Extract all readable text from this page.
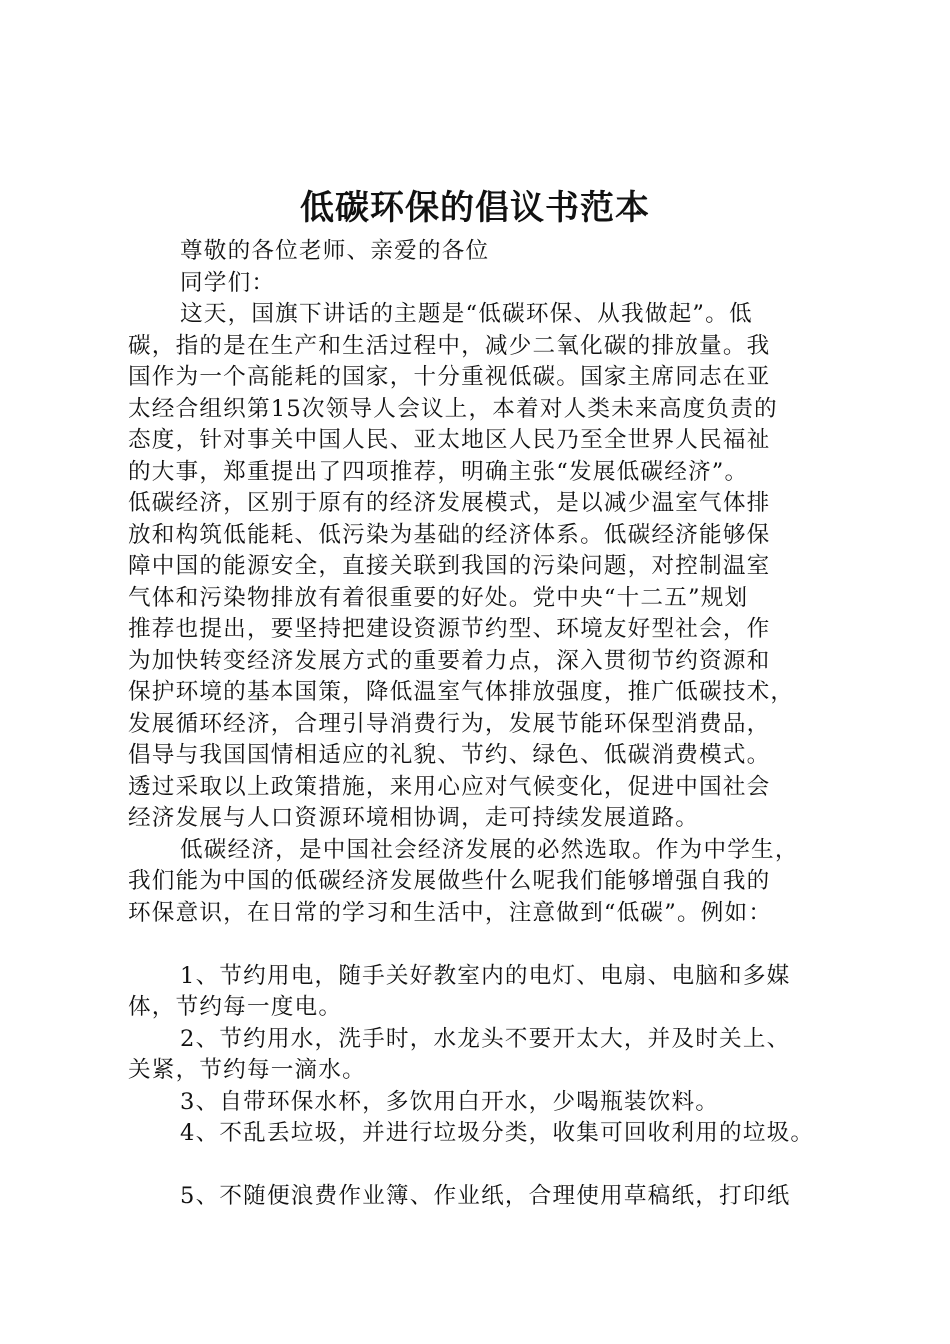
低碳环保的倡议书范本
尊敬的各位老师、亲爱的各位
同学们：
这天，国旗下讲话的主题是“低碳环保、从我做起”。低
碳，指的是在生产和生活过程中，减少二氧化碳的排放量。我
国作为一个高能耗的国家，十分重视低碳。国家主席同志在亚
太经合组织第15次领导人会议上，本着对人类未来高度负责的
态度，针对事关中国人民、亚太地区人民乃至全世界人民福祉
的大事，郑重提出了四项推荐，明确主张“发展低碳经济”。
低碳经济，区别于原有的经济发展模式，是以减少温室气体排
放和构筑低能耗、低污染为基础的经济体系。低碳经济能够保
障中国的能源安全，直接关联到我国的污染问题，对控制温室
气体和污染物排放有着很重要的好处。党中央“十二五”规划
推荐也提出，要坚持把建设资源节约型、环境友好型社会，作
为加快转变经济发展方式的重要着力点，深入贯彻节约资源和
保护环境的基本国策，降低温室气体排放强度，推广低碳技术，
发展循环经济，合理引导消费行为，发展节能环保型消费品，
倡导与我国国情相适应的礼貌、节约、绿色、低碳消费模式。
透过采取以上政策措施，来用心应对气候变化，促进中国社会
经济发展与人口资源环境相协调，走可持续发展道路。
低碳经济，是中国社会经济发展的必然选取。作为中学生，
我们能为中国的低碳经济发展做些什么呢我们能够增强自我的
环保意识，在日常的学习和生活中，注意做到“低碳”。例如：
1、节约用电，随手关好教室内的电灯、电扇、电脑和多媒
体，节约每一度电。
2、节约用水，洗手时，水龙头不要开太大，并及时关上、
关紧，节约每一滴水。
3、自带环保水杯，多饮用白开水，少喝瓶装饮料。
4、不乱丢垃圾，并进行垃圾分类，收集可回收利用的垃圾。
5、不随便浪费作业簿、作业纸，合理使用草稿纸，打印纸
